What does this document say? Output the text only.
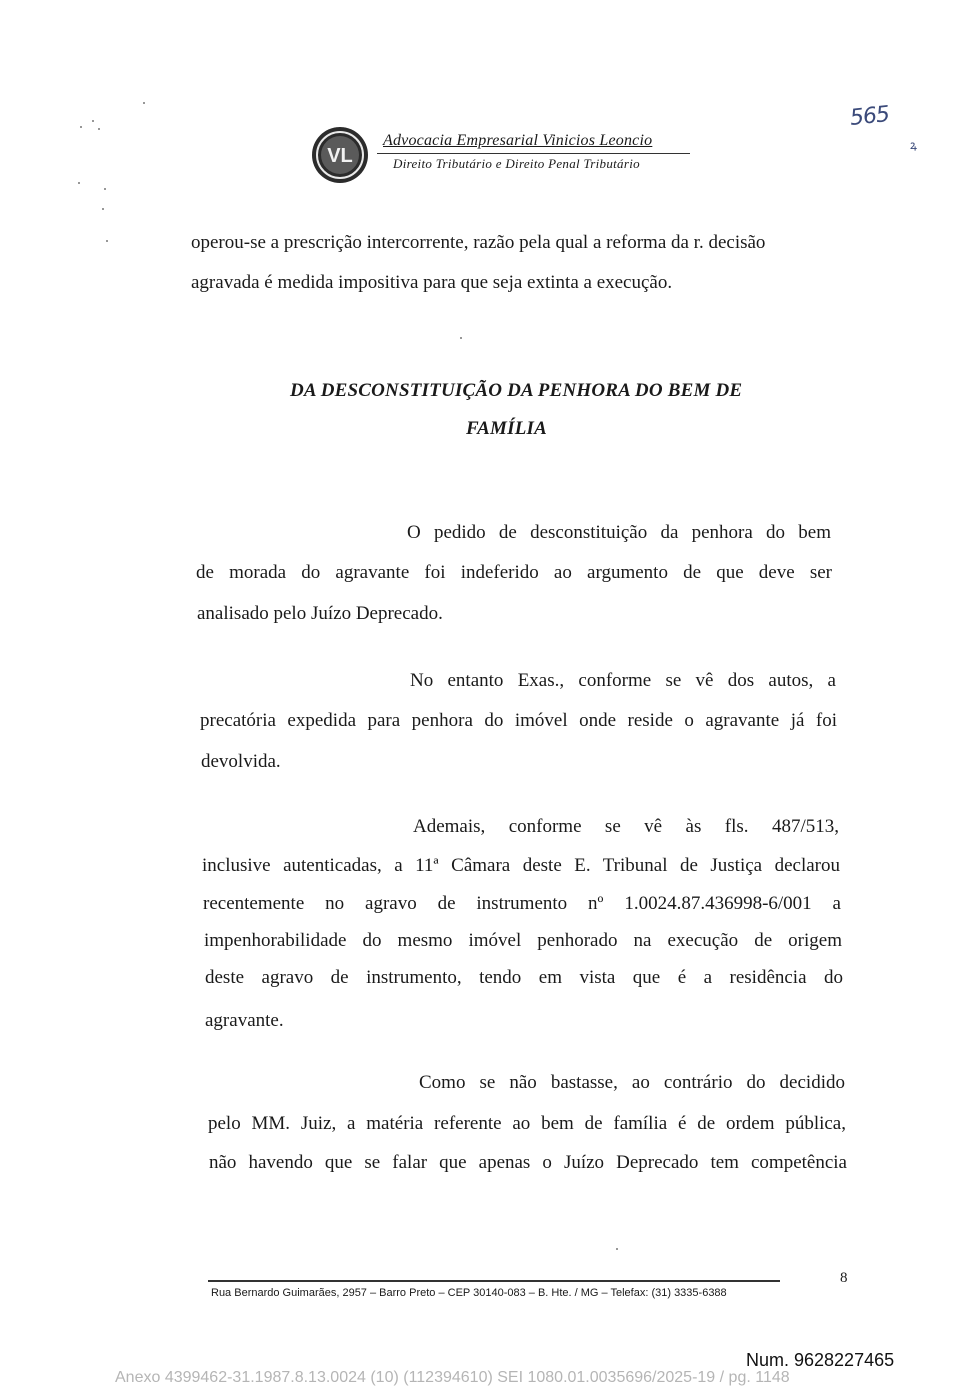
VL
Advocacia Empresarial Vinicios Leoncio
Direito Tributário e Direito Penal Tributário
565
ꝝ
operou-se a prescrição intercorrente, razão pela qual a reforma da r. decisão
agravada é medida impositiva para que seja extinta a execução.
DA DESCONSTITUIÇÃO DA PENHORA DO BEM DE
FAMÍLIA
O pedido de desconstituição da penhora do bem
de morada do agravante foi indeferido ao argumento de que deve ser
analisado pelo Juízo Deprecado.
No entanto Exas., conforme se vê dos autos, a
precatória expedida para penhora do imóvel onde reside o agravante já foi
devolvida.
Ademais, conforme se vê às fls. 487/513,
inclusive autenticadas, a 11ª Câmara deste E. Tribunal de Justiça declarou
recentemente no agravo de instrumento nº 1.0024.87.436998-6/001 a
impenhorabilidade do mesmo imóvel penhorado na execução de origem
deste agravo de instrumento, tendo em vista que é a residência do
agravante.
Como se não bastasse, ao contrário do decidido
pelo MM. Juiz, a matéria referente ao bem de família é de ordem pública,
não havendo que se falar que apenas o Juízo Deprecado tem competência
Rua Bernardo Guimarães, 2957 – Barro Preto – CEP 30140-083 – B. Hte. / MG – Telefax: (31) 3335-6388
8
Num. 9628227465
Anexo 4399462-31.1987.8.13.0024 (10) (112394610) SEI 1080.01.0035696/2025-19 / pg. 1148
